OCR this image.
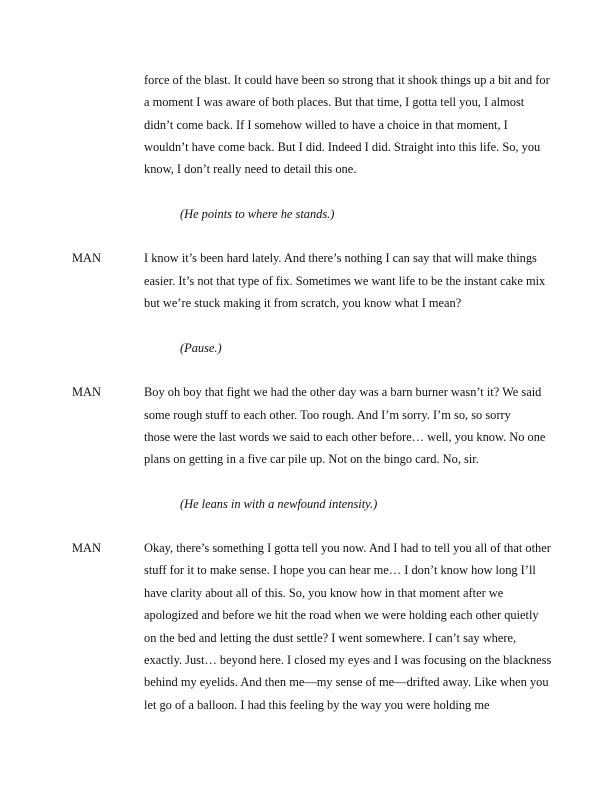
force of the blast. It could have been so strong that it shook things up a bit and for
a moment I was aware of both places. But that time, I gotta tell you, I almost
didn’t come back. If I somehow willed to have a choice in that moment, I
wouldn’t have come back. But I did. Indeed I did. Straight into this life. So, you
know, I don’t really need to detail this one.
(He points to where he stands.)
MAN	I know it’s been hard lately. And there’s nothing I can say that will make things
easier. It’s not that type of fix. Sometimes we want life to be the instant cake mix
but we’re stuck making it from scratch, you know what I mean?
(Pause.)
MAN	Boy oh boy that fight we had the other day was a barn burner wasn’t it? We said
some rough stuff to each other. Too rough. And I’m sorry. I’m so, so sorry
those were the last words we said to each other before… well, you know. No one
plans on getting in a five car pile up. Not on the bingo card. No, sir.
(He leans in with a newfound intensity.)
MAN	Okay, there’s something I gotta tell you now. And I had to tell you all of that other
stuff for it to make sense. I hope you can hear me… I don’t know how long I’ll
have clarity about all of this. So, you know how in that moment after we
apologized and before we hit the road when we were holding each other quietly
on the bed and letting the dust settle? I went somewhere. I can’t say where,
exactly. Just… beyond here. I closed my eyes and I was focusing on the blackness
behind my eyelids. And then me—my sense of me—drifted away. Like when you
let go of a balloon. I had this feeling by the way you were holding me
